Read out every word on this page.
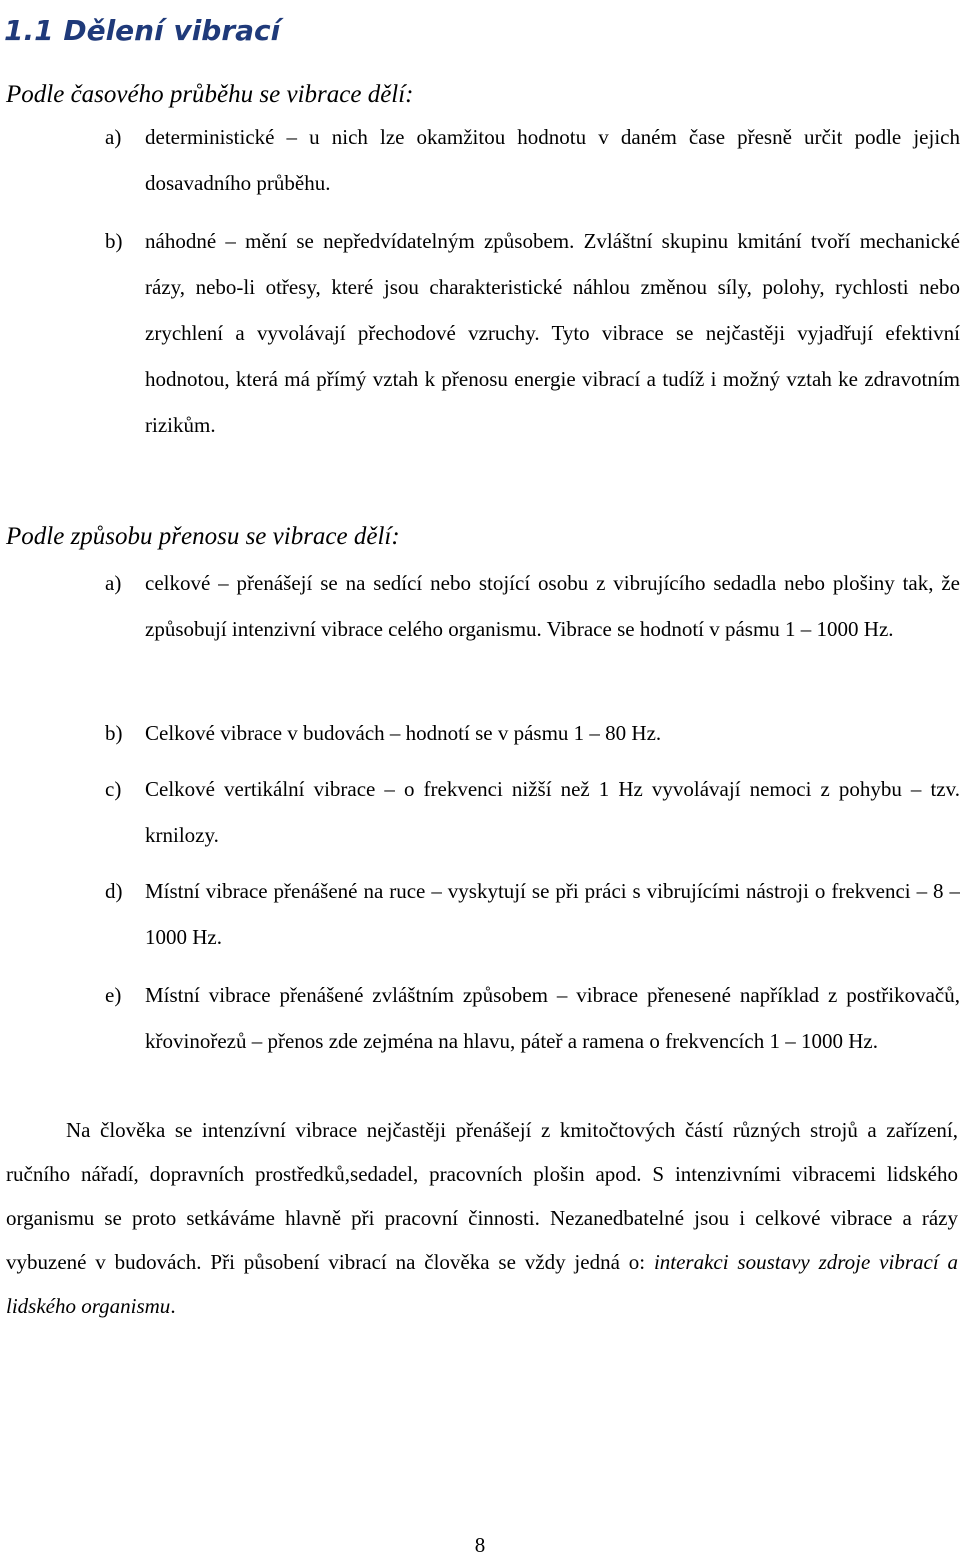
1.1 Dělení vibrací
Podle časového průběhu se vibrace dělí:
a) deterministické – u nich lze okamžitou hodnotu v daném čase přesně určit podle jejich dosavadního průběhu.
b) náhodné – mění se nepředvídatelným způsobem. Zvláštní skupinu kmitání tvoří mechanické rázy, nebo-li otřesy, které jsou charakteristické náhlou změnou síly, polohy, rychlosti nebo zrychlení a vyvolávají přechodové vzruchy. Tyto vibrace se nejčastěji vyjadřují efektivní hodnotou, která má přímý vztah k přenosu energie vibrací a tudíž i možný vztah ke zdravotním rizikům.
Podle způsobu přenosu se vibrace dělí:
a) celkové – přenášejí se na sedící nebo stojící osobu z vibrujícího sedadla nebo plošiny tak, že způsobují intenzivní vibrace celého organismu. Vibrace se hodnotí v pásmu 1 – 1000 Hz.
b) Celkové vibrace v budovách – hodnotí se v pásmu 1 – 80 Hz.
c) Celkové vertikální vibrace – o frekvenci nižší než 1 Hz vyvolávají nemoci z pohybu – tzv. krnilozy.
d) Místní vibrace přenášené na ruce – vyskytují se při práci s vibrujícími nástroji o frekvenci – 8 – 1000 Hz.
e) Místní vibrace přenášené zvláštním způsobem – vibrace přenesené například z postřikovačů, křovinořezů – přenos zde zejména na hlavu, páteř a ramena o frekvencích 1 – 1000 Hz.

Na člověka se intenzívní vibrace nejčastěji přenášejí z kmitočtových částí různých strojů a zařízení, ručního nářadí, dopravních prostředků,sedadel, pracovních plošin apod. S intenzivními vibracemi lidského organismu se proto setkáváme hlavně při pracovní činnosti. Nezanedbatelné jsou i celkové vibrace a rázy vybuzené v budovách. Při působení vibrací na člověka se vždy jedná o: interakci soustavy zdroje vibrací a lidského organismu.

8
